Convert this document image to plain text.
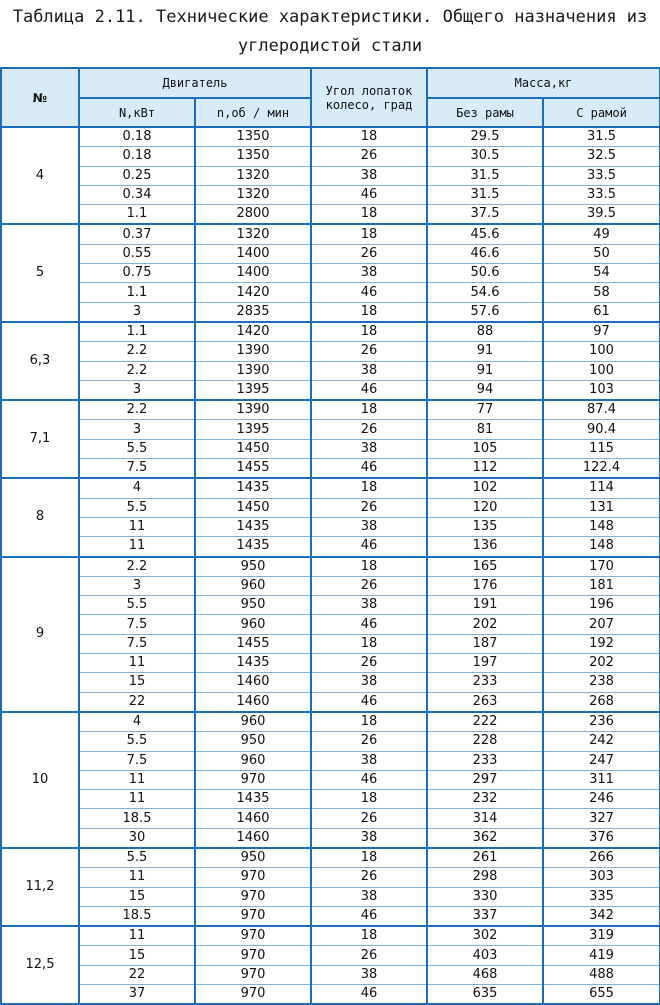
Таблица 2.11. Технические характеристики. Общего назначения из
углеродистой стали
№	Двигатель		Угол лопаток колесо, град	Масса,кг	
	N,кВт	n,об / мин		Без рамы	С рамой
4	0.18	1350	18	29.5	31.5
	0.18	1350	26	30.5	32.5
	0.25	1320	38	31.5	33.5
	0.34	1320	46	31.5	33.5
	1.1	2800	18	37.5	39.5
5	0.37	1320	18	45.6	49
	0.55	1400	26	46.6	50
	0.75	1400	38	50.6	54
	1.1	1420	46	54.6	58
	3	2835	18	57.6	61
6,3	1.1	1420	18	88	97
	2.2	1390	26	91	100
	2.2	1390	38	91	100
	3	1395	46	94	103
7,1	2.2	1390	18	77	87.4
	3	1395	26	81	90.4
	5.5	1450	38	105	115
	7.5	1455	46	112	122.4
8	4	1435	18	102	114
	5.5	1450	26	120	131
	11	1435	38	135	148
	11	1435	46	136	148
9	2.2	950	18	165	170
	3	960	26	176	181
	5.5	950	38	191	196
	7.5	960	46	202	207
	7.5	1455	18	187	192
	11	1435	26	197	202
	15	1460	38	233	238
	22	1460	46	263	268
10	4	960	18	222	236
	5.5	950	26	228	242
	7.5	960	38	233	247
	11	970	46	297	311
	11	1435	18	232	246
	18.5	1460	26	314	327
	30	1460	38	362	376
11,2	5.5	950	18	261	266
	11	970	26	298	303
	15	970	38	330	335
	18.5	970	46	337	342
12,5	11	970	18	302	319
	15	970	26	403	419
	22	970	38	468	488
	37	970	46	635	655
